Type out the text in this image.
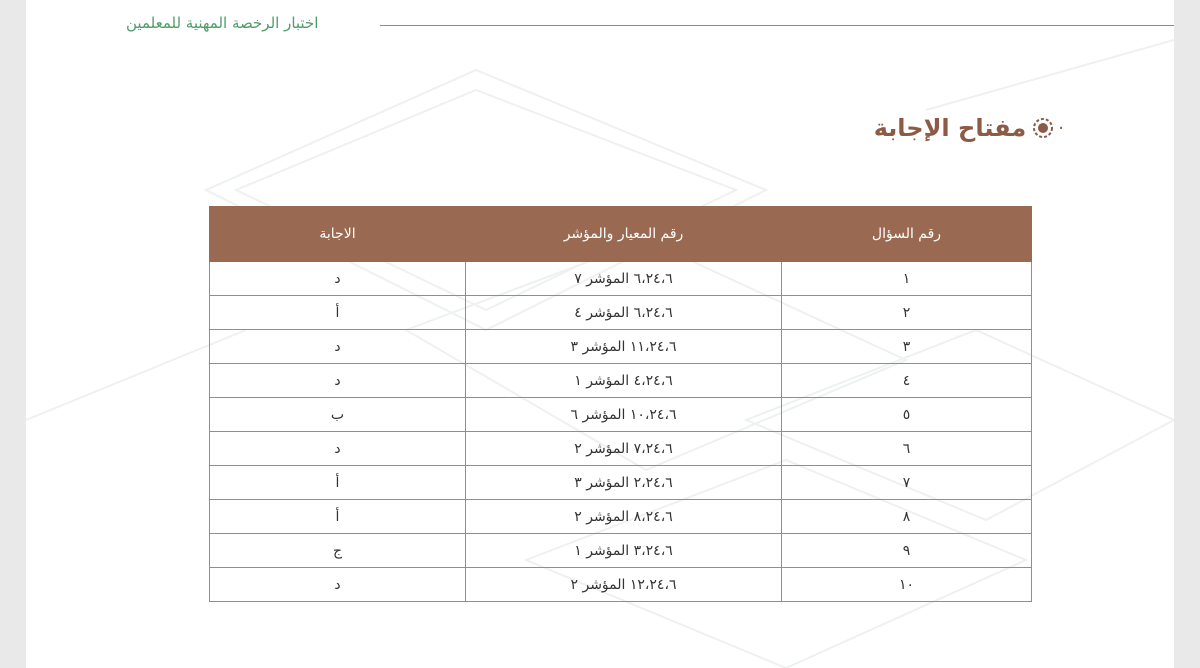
اختبار الرخصة المهنية للمعلمين
·
مفتاح الإجابة
رقم السؤال	رقم المعيار والمؤشر	الاجابة
١	٦،٢٤،٦ المؤشر ٧	د
٢	٦،٢٤،٦ المؤشر ٤	أ
٣	١١،٢٤،٦ المؤشر ٣	د
٤	٤،٢٤،٦ المؤشر ١	د
٥	١٠،٢٤،٦ المؤشر ٦	ب
٦	٧،٢٤،٦ المؤشر ٢	د
٧	٢،٢٤،٦ المؤشر ٣	أ
٨	٨،٢٤،٦ المؤشر ٢	أ
٩	٣،٢٤،٦ المؤشر ١	ج
١٠	١٢،٢٤،٦ المؤشر ٢	د
